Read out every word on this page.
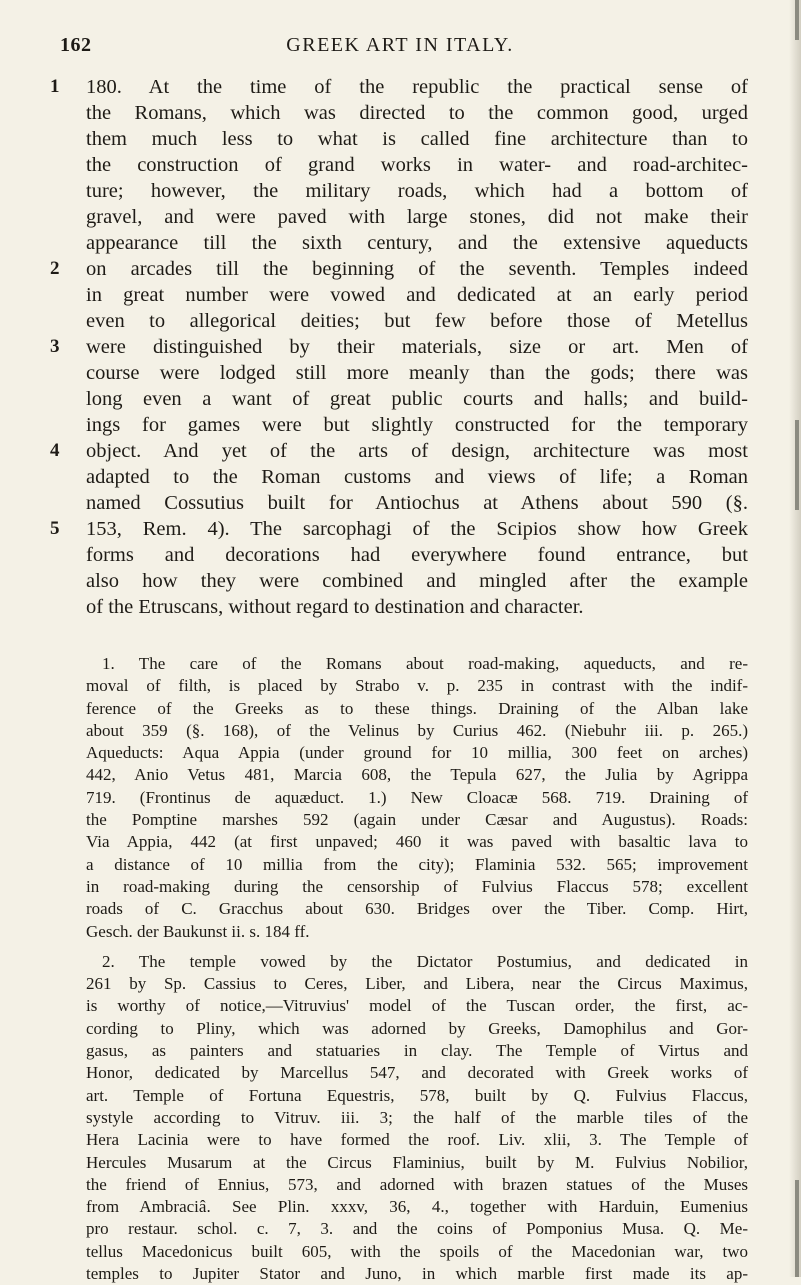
162	GREEK ART IN ITALY.
1	180. At the time of the republic the practical sense of
the Romans, which was directed to the common good, urged
them much less to what is called fine architecture than to
the construction of grand works in water- and road-architec-
ture; however, the military roads, which had a bottom of
gravel, and were paved with large stones, did not make their
appearance till the sixth century, and the extensive aqueducts
2	on arcades till the beginning of the seventh. Temples indeed
in great number were vowed and dedicated at an early period
even to allegorical deities; but few before those of Metellus
3	were distinguished by their materials, size or art. Men of
course were lodged still more meanly than the gods; there was
long even a want of great public courts and halls; and build-
ings for games were but slightly constructed for the temporary
4	object. And yet of the arts of design, architecture was most
adapted to the Roman customs and views of life; a Roman
named Cossutius built for Antiochus at Athens about 590 (§.
5	153, Rem. 4). The sarcophagi of the Scipios show how Greek
forms and decorations had everywhere found entrance, but
also how they were combined and mingled after the example
of the Etruscans, without regard to destination and character.
1. The care of the Romans about road-making, aqueducts, and re-
moval of filth, is placed by Strabo v. p. 235 in contrast with the indif-
ference of the Greeks as to these things. Draining of the Alban lake
about 359 (§. 168), of the Velinus by Curius 462. (Niebuhr iii. p. 265.)
Aqueducts: Aqua Appia (under ground for 10 millia, 300 feet on arches)
442, Anio Vetus 481, Marcia 608, the Tepula 627, the Julia by Agrippa
719. (Frontinus de aquæduct. 1.) New Cloacæ 568. 719. Draining of
the Pomptine marshes 592 (again under Cæsar and Augustus). Roads:
Via Appia, 442 (at first unpaved; 460 it was paved with basaltic lava to
a distance of 10 millia from the city); Flaminia 532. 565; improvement
in road-making during the censorship of Fulvius Flaccus 578; excellent
roads of C. Gracchus about 630. Bridges over the Tiber. Comp. Hirt,
Gesch. der Baukunst ii. s. 184 ff.
2. The temple vowed by the Dictator Postumius, and dedicated in
261 by Sp. Cassius to Ceres, Liber, and Libera, near the Circus Maximus,
is worthy of notice,—Vitruvius' model of the Tuscan order, the first, ac-
cording to Pliny, which was adorned by Greeks, Damophilus and Gor-
gasus, as painters and statuaries in clay. The Temple of Virtus and
Honor, dedicated by Marcellus 547, and decorated with Greek works of
art. Temple of Fortuna Equestris, 578, built by Q. Fulvius Flaccus,
systyle according to Vitruv. iii. 3; the half of the marble tiles of the
Hera Lacinia were to have formed the roof. Liv. xlii, 3. The Temple of
Hercules Musarum at the Circus Flaminius, built by M. Fulvius Nobilior,
the friend of Ennius, 573, and adorned with brazen statues of the Muses
from Ambraciâ. See Plin. xxxv, 36, 4., together with Harduin, Eumenius
pro restaur. schol. c. 7, 3. and the coins of Pomponius Musa. Q. Me-
tellus Macedonicus built 605, with the spoils of the Macedonian war, two
temples to Jupiter Stator and Juno, in which marble first made its ap-
